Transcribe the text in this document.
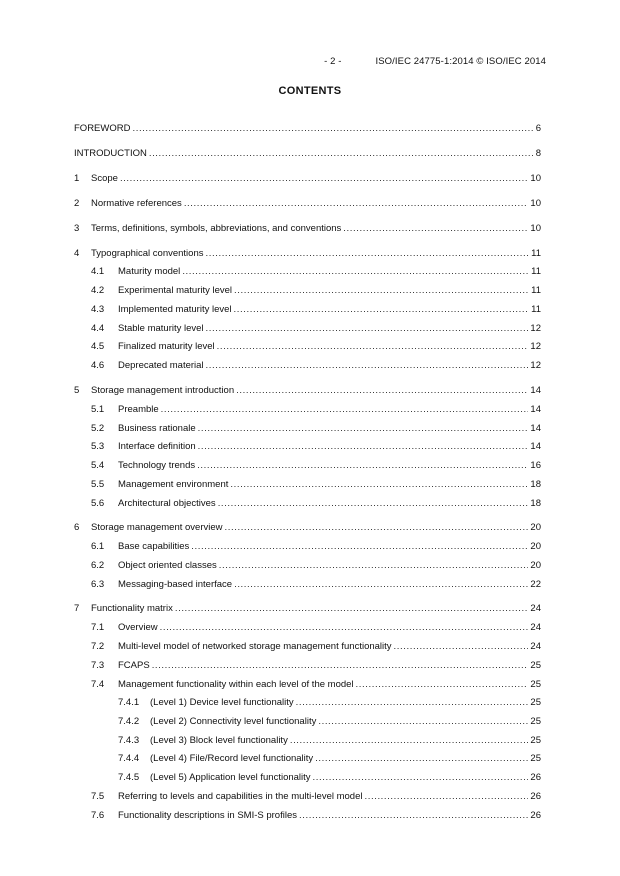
- 2 -	ISO/IEC 24775-1:2014 © ISO/IEC 2014
CONTENTS
FOREWORD .....	6
INTRODUCTION .....	8
1	Scope .....	10
2	Normative references .....	10
3	Terms, definitions, symbols, abbreviations, and conventions .....	10
4	Typographical conventions .....	11
4.1	Maturity model .....	11
4.2	Experimental maturity level .....	11
4.3	Implemented maturity level .....	11
4.4	Stable maturity level .....	12
4.5	Finalized maturity level .....	12
4.6	Deprecated material .....	12
5	Storage management introduction .....	14
5.1	Preamble .....	14
5.2	Business rationale .....	14
5.3	Interface definition .....	14
5.4	Technology trends .....	16
5.5	Management environment .....	18
5.6	Architectural objectives .....	18
6	Storage management overview .....	20
6.1	Base capabilities .....	20
6.2	Object oriented classes .....	20
6.3	Messaging-based interface .....	22
7	Functionality matrix .....	24
7.1	Overview .....	24
7.2	Multi-level model of networked storage management functionality .....	24
7.3	FCAPS .....	25
7.4	Management functionality within each level of the model .....	25
7.4.1	(Level 1) Device level functionality .....	25
7.4.2	(Level 2) Connectivity level functionality .....	25
7.4.3	(Level 3) Block level functionality .....	25
7.4.4	(Level 4) File/Record level functionality .....	25
7.4.5	(Level 5) Application level functionality .....	26
7.5	Referring to levels and capabilities in the multi-level model .....	26
7.6	Functionality descriptions in SMI-S profiles .....	26
